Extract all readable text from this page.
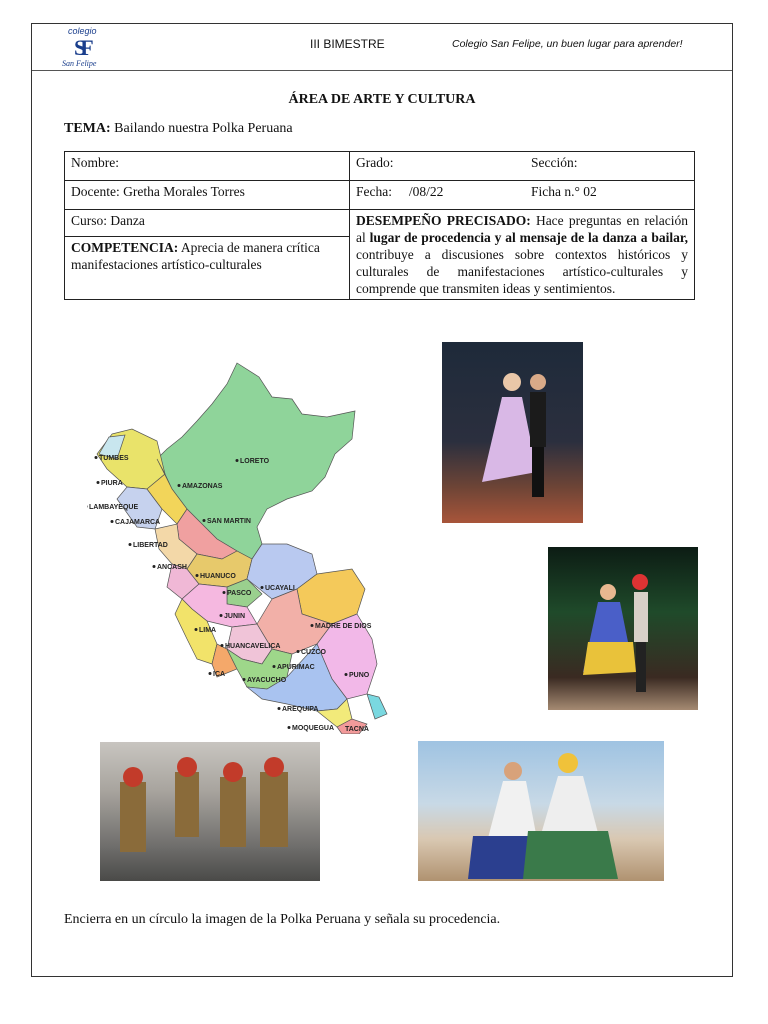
colegio
SF
San Felipe
III BIMESTRE	Colegio San Felipe, un buen lugar para aprender!
ÁREA DE ARTE Y CULTURA
TEMA: Bailando nuestra Polka Peruana
Nombre:	Grado: Sección:

Docente: Gretha Morales Torres	Fecha:     /08/22 Ficha n.° 02

Curso: Danza	DESEMPEÑO PRECISADO: Hace preguntas en relación al lugar de procedencia y al mensaje de la danza a bailar, contribuye a discusiones sobre contextos históricos y culturales de manifestaciones artístico-culturales y comprende que transmiten ideas y sentimientos.
COMPETENCIA: Aprecia de manera crítica manifestaciones artístico-culturales	
TUMBES	LORETO
PIURA	AMAZONAS
LAMBAYEQUE
CAJAMARCA	SAN MARTIN
LIBERTAD
ANCASH
HUANUCO
UCAYALI
PASCO
JUNIN
LIMA
MADRE DE DIOS
HUANCAVELICA
CUZCO
APURIMAC
ICA
AYACUCHO
PUNO
AREQUIPA
MOQUEGUA TACNA
Encierra en un círculo la imagen de la Polka Peruana y señala su procedencia.
